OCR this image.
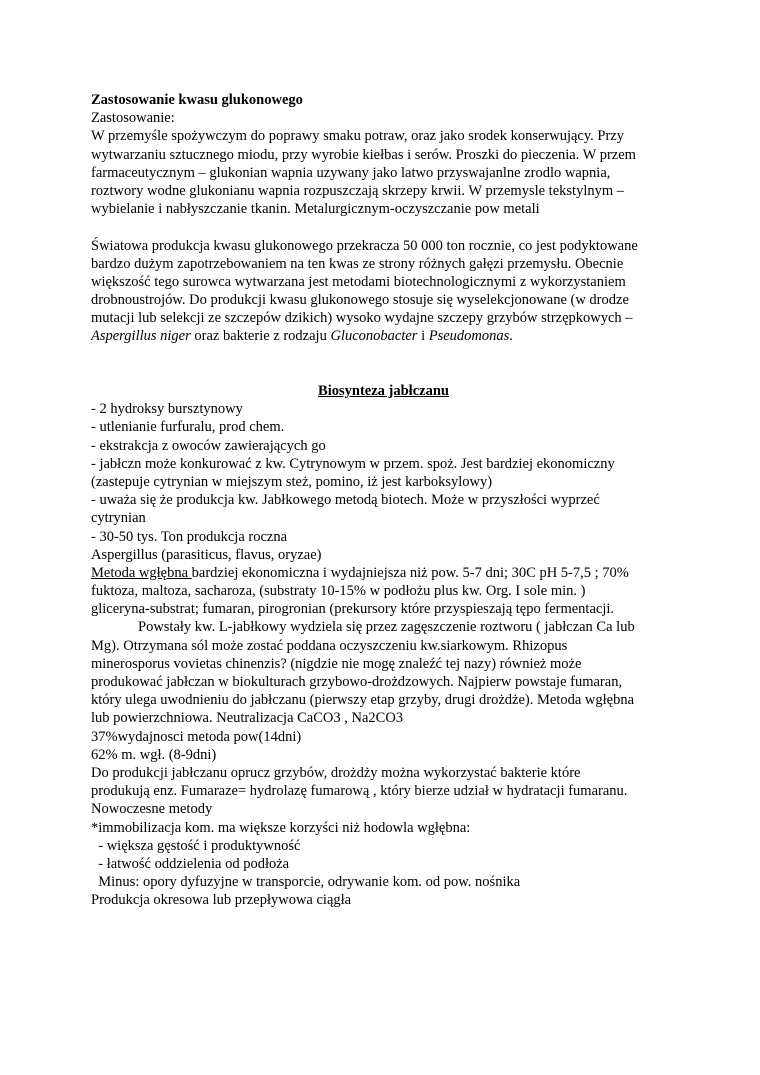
Zastosowanie kwasu glukonowego
Zastosowanie:
W przemyśle spożywczym do poprawy smaku potraw, oraz jako srodek konserwujący. Przy
wytwarzaniu sztucznego miodu, przy wyrobie kiełbas i serów. Proszki do pieczenia. W przem
farmaceutycznym – glukonian wapnia uzywany jako latwo przyswajanlne zrodlo wapnia,
roztwory wodne glukonianu wapnia rozpuszczają skrzepy krwii. W przemysle tekstylnym –
wybielanie i nabłyszczanie tkanin. Metalurgicznym-oczyszczanie pow metali
Światowa produkcja kwasu glukonowego przekracza 50 000 ton rocznie, co jest podyktowane
bardzo dużym zapotrzebowaniem na ten kwas ze strony różnych gałęzi przemysłu. Obecnie
większość tego surowca wytwarzana jest metodami biotechnologicznymi z wykorzystaniem
drobnoustrojów. Do produkcji kwasu glukonowego stosuje się wyselekcjonowane (w drodze
mutacji lub selekcji ze szczepów dzikich) wysoko wydajne szczepy grzybów strzępkowych –
Aspergillus niger oraz bakterie z rodzaju Gluconobacter i Pseudomonas.
Biosynteza jabłczanu
- 2 hydroksy bursztynowy
- utlenianie furfuralu, prod chem.
- ekstrakcja z owoców zawierających go
- jabłczn może konkurować z kw. Cytrynowym w przem. spoż. Jest bardziej ekonomiczny
(zastepuje cytrynian w miejszym steż, pomino, iż jest karboksylowy)
- uważa się że produkcja kw. Jabłkowego metodą biotech. Może w przyszłości wyprzeć
cytrynian
- 30-50 tys. Ton produkcja roczna
Aspergillus (parasiticus, flavus, oryzae)
Metoda wgłębna bardziej ekonomiczna i wydajniejsza niż pow. 5-7 dni; 30C pH 5-7,5 ; 70%
fuktoza, maltoza, sacharoza, (substraty 10-15% w podłożu plus kw. Org. I sole min. )
gliceryna-substrat; fumaran, pirogronian (prekursory które przyspieszają tępo fermentacji.
Powstały kw. L-jabłkowy wydziela się przez zagęszczenie roztworu ( jabłczan Ca lub
Mg). Otrzymana sól może zostać poddana oczyszczeniu kw.siarkowym. Rhizopus
minerosporus vovietas chinenzis? (nigdzie nie mogę znaleźć tej nazy) również może
produkować jabłczan w biokulturach grzybowo-drożdzowych. Najpierw powstaje fumaran,
który ulega uwodnieniu do jabłczanu (pierwszy etap grzyby, drugi drożdże). Metoda wgłębna
lub powierzchniowa. Neutralizacja CaCO3 , Na2CO3
37%wydajnosci metoda pow(14dni)
62% m. wgł. (8-9dni)
Do produkcji jabłczanu oprucz grzybów, drożdży można wykorzystać bakterie które
produkują enz. Fumaraze= hydrolazę fumarową , który bierze udział w hydratacji fumaranu.
Nowoczesne metody
*immobilizacja kom. ma większe korzyści niż hodowla wgłębna:
- większa gęstość i produktywność
- łatwość oddzielenia od podłoża
Minus: opory dyfuzyjne w transporcie, odrywanie kom. od pow. nośnika
Produkcja okresowa lub przepływowa ciągła
